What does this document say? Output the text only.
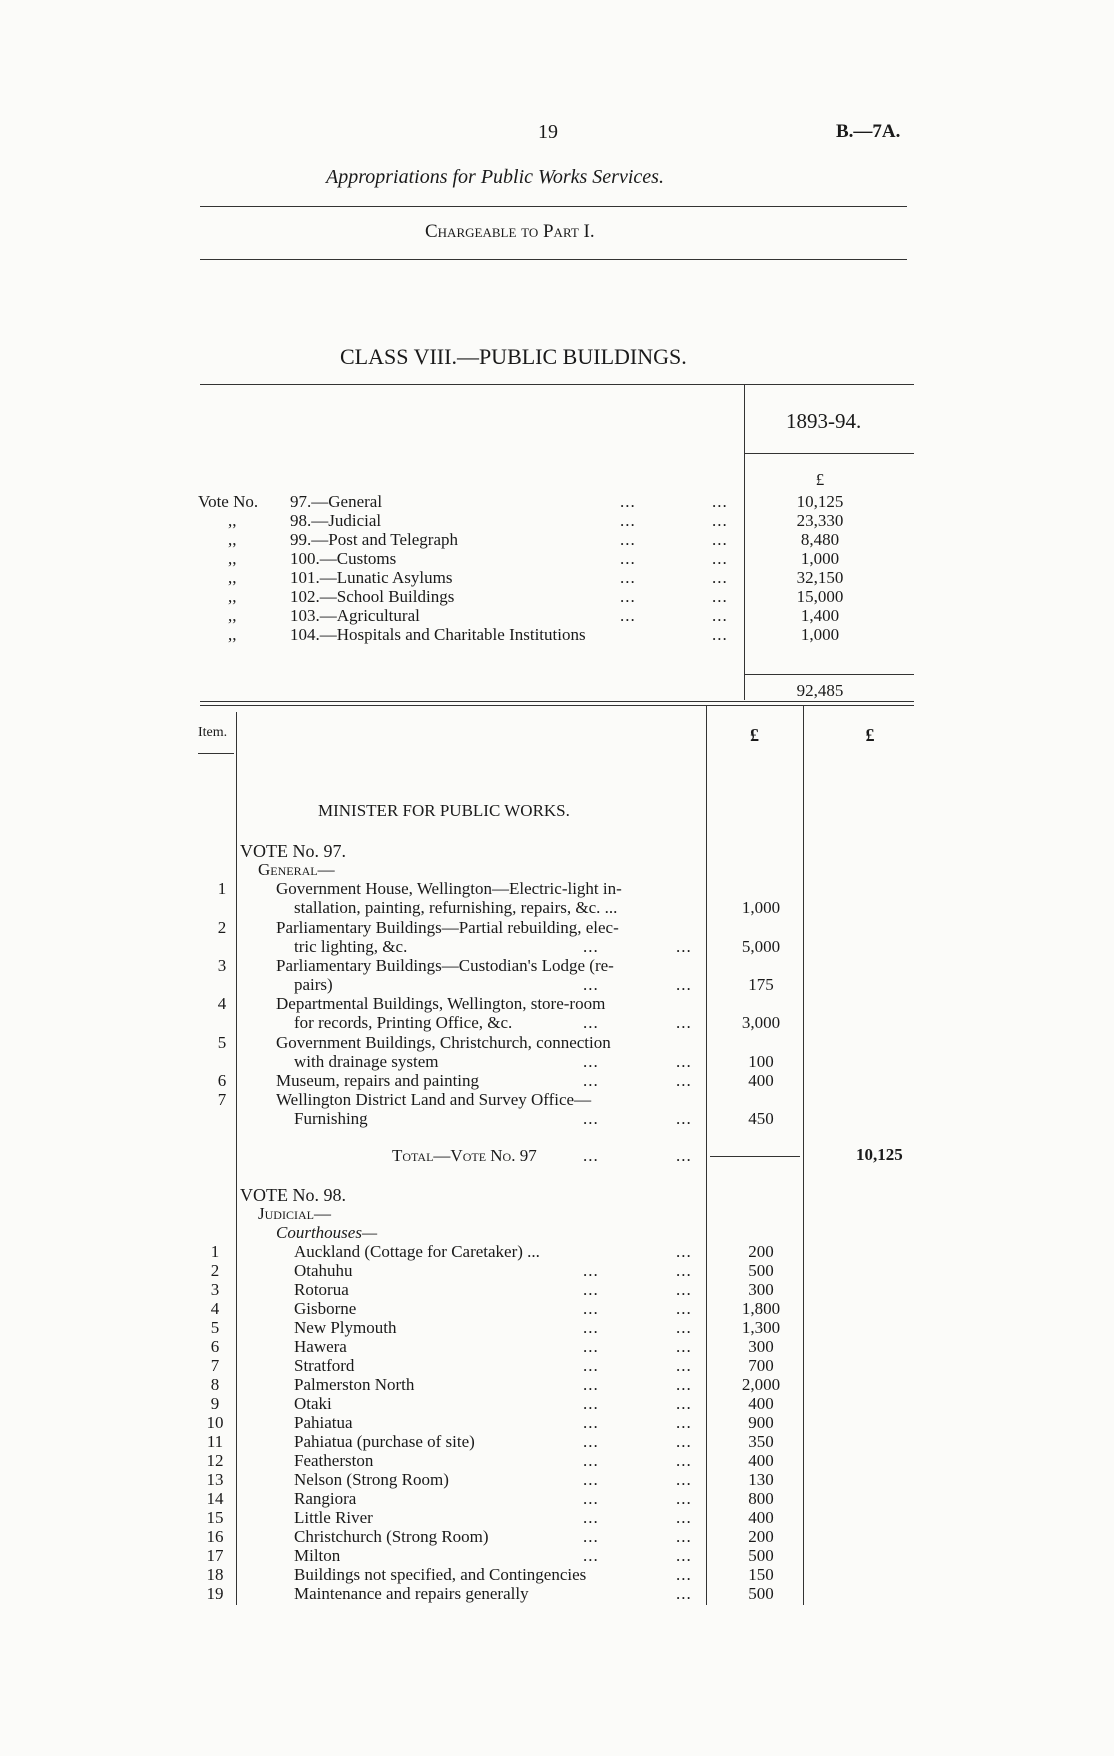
19	B.—7A.
Appropriations for Public Works Services.
Chargeable to Part I.
CLASS VIII.—PUBLIC BUILDINGS.
1893-94.
£
Vote No. 97.—General	...	...	10,125
,,	98.—Judicial	...	...	23,330
,,	99.—Post and Telegraph	...	...	8,480
,,	100.—Customs	...	...	1,000
,,	101.—Lunatic Asylums	...	...	32,150
,,	102.—School Buildings	...	...	15,000
,,	103.—Agricultural	...	...	1,400
,,	104.—Hospitals and Charitable Institutions	...	1,000
92,485
Item.	£	£
MINISTER FOR PUBLIC WORKS.
VOTE No. 97.
General—
1	Government House, Wellington—Electric-light in-
stallation, painting, refurnishing, repairs, &c. ...	1,000
2	Parliamentary Buildings—Partial rebuilding, elec-
tric lighting, &c.	...	...	5,000
3	Parliamentary Buildings—Custodian's Lodge (re-
pairs)	...	...	175
4	Departmental Buildings, Wellington, store-room
for records, Printing Office, &c.	...	...	3,000
5	Government Buildings, Christchurch, connection
with drainage system	...	...	100
6	Museum, repairs and painting	...	...	400
7	Wellington District Land and Survey Office—
Furnishing	...	...	450
Total—Vote No. 97	...	...	10,125
VOTE No. 98.
Judicial—
Courthouses—
1	Auckland (Cottage for Caretaker) ...	...	200
2	Otahuhu	...	...	500
3	Rotorua	...	...	300
4	Gisborne	...	...	1,800
5	New Plymouth	...	...	1,300
6	Hawera	...	...	300
7	Stratford	...	...	700
8	Palmerston North	...	...	2,000
9	Otaki	...	...	400
10	Pahiatua	...	...	900
11	Pahiatua (purchase of site)	...	...	350
12	Featherston	...	...	400
13	Nelson (Strong Room)	...	...	130
14	Rangiora	...	...	800
15	Little River	...	...	400
16	Christchurch (Strong Room)	...	...	200
17	Milton	...	...	500
18	Buildings not specified, and Contingencies	...	150
19	Maintenance and repairs generally	...	500
